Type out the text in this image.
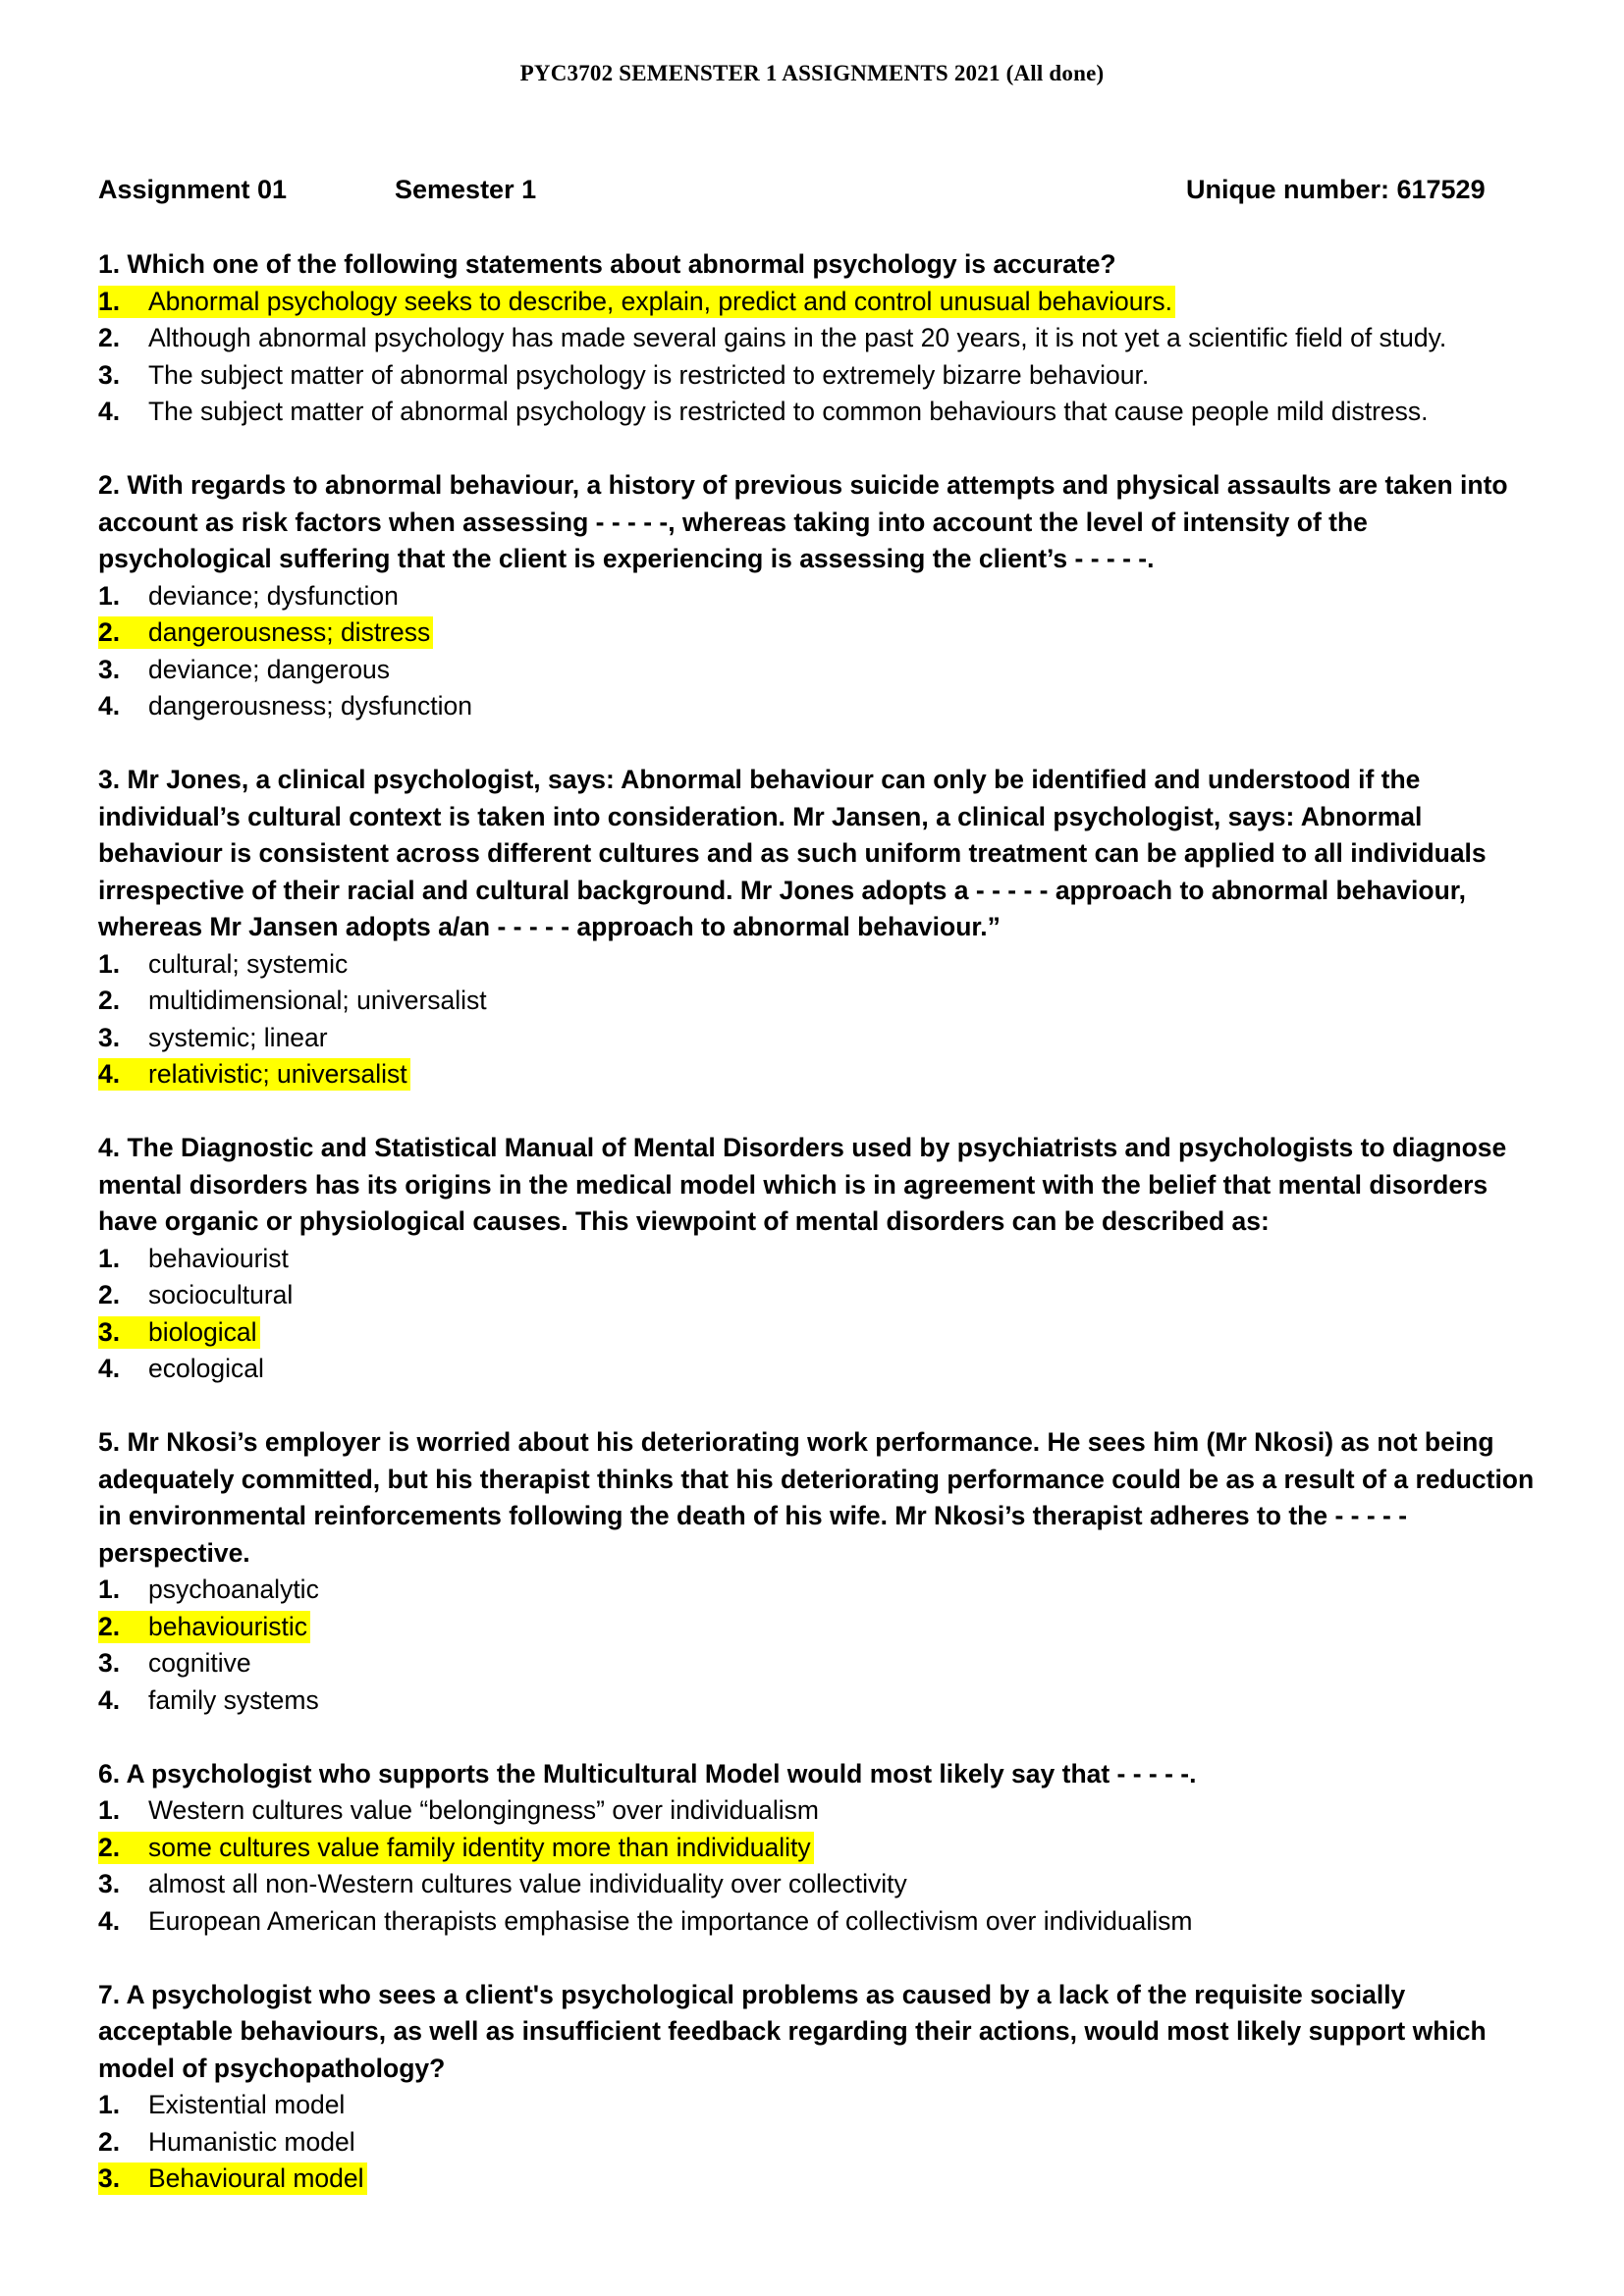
PYC3702 SEMENSTER 1 ASSIGNMENTS 2021 (All done)
Assignment 01	Semester 1	Unique number: 617529
1. Which one of the following statements about abnormal psychology is accurate?
1. Abnormal psychology seeks to describe, explain, predict and control unusual behaviours.
2. Although abnormal psychology has made several gains in the past 20 years, it is not yet a scientific field of study.
3. The subject matter of abnormal psychology is restricted to extremely bizarre behaviour.
4. The subject matter of abnormal psychology is restricted to common behaviours that cause people mild distress.
2. With regards to abnormal behaviour, a history of previous suicide attempts and physical assaults are taken into account as risk factors when assessing - - - - -, whereas taking into account the level of intensity of the psychological suffering that the client is experiencing is assessing the client’s - - - - -.
1. deviance; dysfunction
2. dangerousness; distress
3. deviance; dangerous
4. dangerousness; dysfunction
3. Mr Jones, a clinical psychologist, says: Abnormal behaviour can only be identified and understood if the individual’s cultural context is taken into consideration. Mr Jansen, a clinical psychologist, says: Abnormal behaviour is consistent across different cultures and as such uniform treatment can be applied to all individuals irrespective of their racial and cultural background. Mr Jones adopts a - - - - - approach to abnormal behaviour, whereas Mr Jansen adopts a/an - - - - - approach to abnormal behaviour.”
1. cultural; systemic
2. multidimensional; universalist
3. systemic; linear
4. relativistic; universalist
4. The Diagnostic and Statistical Manual of Mental Disorders used by psychiatrists and psychologists to diagnose mental disorders has its origins in the medical model which is in agreement with the belief that mental disorders have organic or physiological causes. This viewpoint of mental disorders can be described as:
1. behaviourist
2. sociocultural
3. biological
4. ecological
5. Mr Nkosi’s employer is worried about his deteriorating work performance. He sees him (Mr Nkosi) as not being adequately committed, but his therapist thinks that his deteriorating performance could be as a result of a reduction in environmental reinforcements following the death of his wife. Mr Nkosi’s therapist adheres to the - - - - - perspective.
1. psychoanalytic
2. behaviouristic
3. cognitive
4. family systems
6. A psychologist who supports the Multicultural Model would most likely say that - - - - -.
1. Western cultures value “belongingness” over individualism
2. some cultures value family identity more than individuality
3. almost all non-Western cultures value individuality over collectivity
4. European American therapists emphasise the importance of collectivism over individualism
7. A psychologist who sees a client's psychological problems as caused by a lack of the requisite socially acceptable behaviours, as well as insufficient feedback regarding their actions, would most likely support which model of psychopathology?
1. Existential model
2. Humanistic model
3. Behavioural model
